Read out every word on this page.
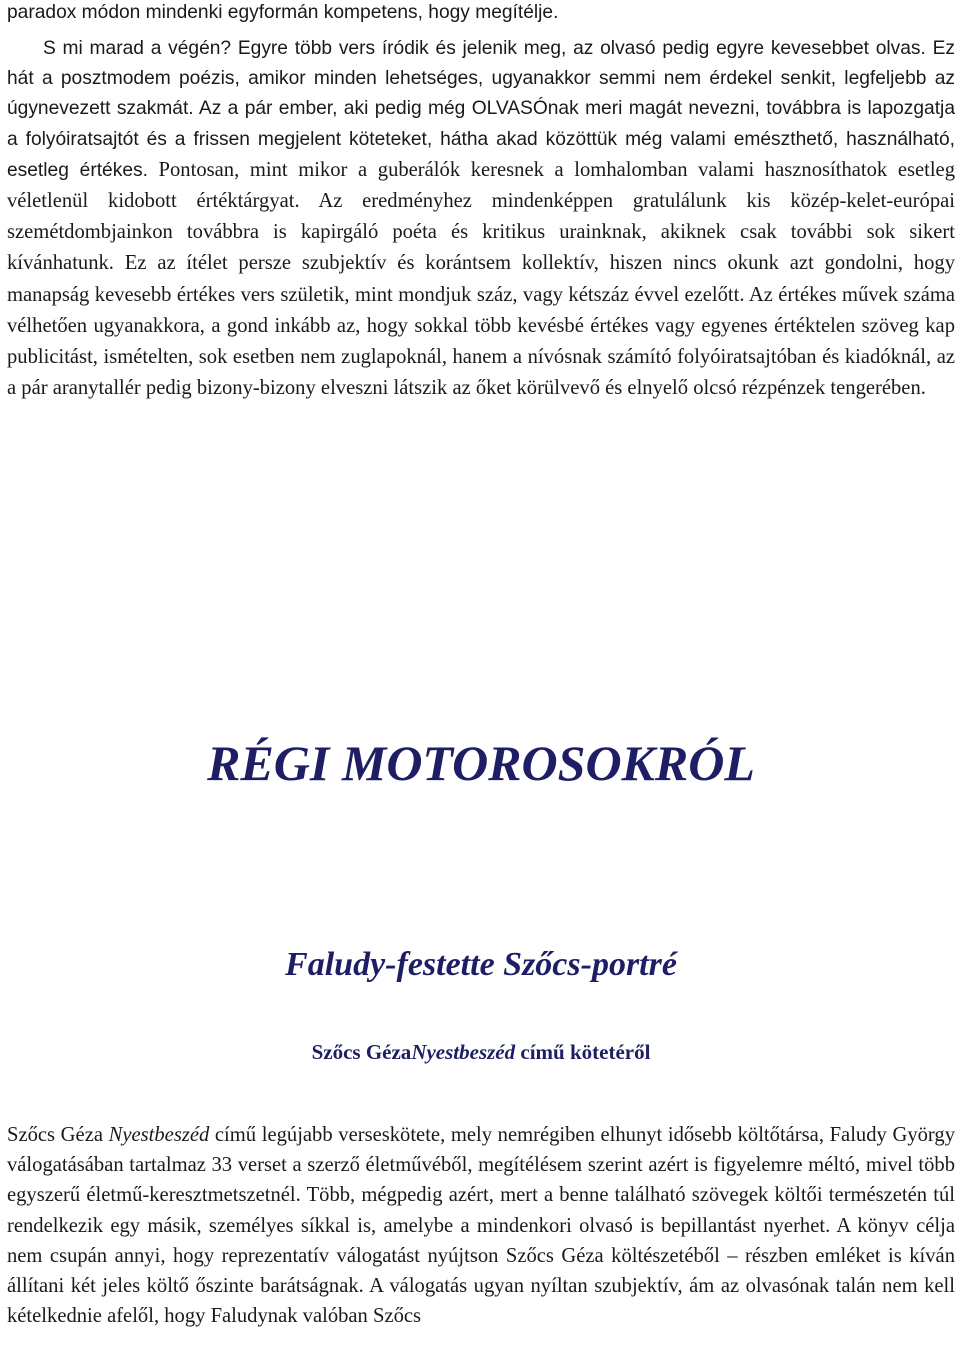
paradox módon mindenki egyformán kompetens, hogy megítélje.

S mi marad a végén? Egyre több vers íródik és jelenik meg, az olvasó pedig egyre kevesebbet olvas. Ez hát a posztmodem poézis, amikor minden lehetséges, ugyanakkor semmi nem érdekel senkit, legfeljebb az úgynevezett szakmát. Az a pár ember, aki pedig még OLVASÓnak meri magát nevezni, továbbra is lapozgatja a folyóiratsajtót és a frissen megjelent köteteket, hátha akad közöttük még valami emészthető, használható, esetleg értékes. Pontosan, mint mikor a guberálók keresnek a lomhalomban valami hasznosíthatok esetleg véletlenül kidobott értéktárgyat. Az eredményhez mindenképpen gratulálunk kis közép-kelet-európai szemétdombjainkon továbbra is kapirgáló poéta és kritikus urainknak, akiknek csak további sok sikert kívánhatunk. Ez az ítélet persze szubjektív és korántsem kollektív, hiszen nincs okunk azt gondolni, hogy manapság kevesebb értékes vers születik, mint mondjuk száz, vagy kétszáz évvel ezelőtt. Az értékes művek száma vélhetően ugyanakkora, a gond inkább az, hogy sokkal több kevésbé értékes vagy egyenes értéktelen szöveg kap publicitást, ismételten, sok esetben nem zuglapoknál, hanem a nívósnak számító folyóiratsajtóban és kiadóknál, az a pár aranytallér pedig bizony-bizony elveszni látszik az őket körülvevő és elnyelő olcsó rézpénzek tengerében.

RÉGI MOTOROSOKRÓL
Faludy-festette Szőcs-portré
Szőcs GézaNyestbeszéd című kötetéről

Szőcs Géza Nyestbeszéd című legújabb verseskötete, mely nemrégiben elhunyt idősebb költőtársa, Faludy György válogatásában tartalmaz 33 verset a szerző életművéből, megítélésem szerint azért is figyelemre méltó, mivel több egyszerű életmű-keresztmetszetnél. Több, mégpedig azért, mert a benne található szövegek költői természetén túl rendelkezik egy másik, személyes síkkal is, amelybe a mindenkori olvasó is bepillantást nyerhet. A könyv célja nem csupán annyi, hogy reprezentatív válogatást nyújtson Szőcs Géza költészetéből – részben emléket is kíván állítani két jeles költő őszinte barátságnak. A válogatás ugyan nyíltan szubjektív, ám az olvasónak talán nem kell kételkednie afelől, hogy Faludynak valóban Szőcs
